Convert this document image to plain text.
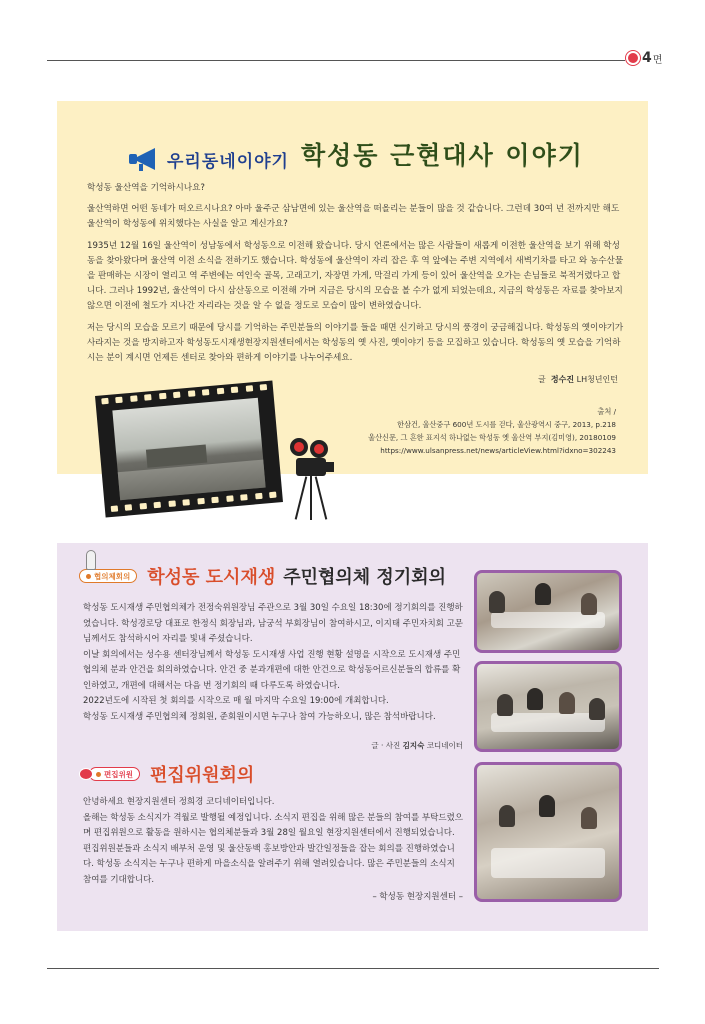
4 면
우리동네이야기 학성동 근현대사 이야기

학성동 울산역을 기억하시나요?

울산역하면 어떤 동네가 떠오르시나요? 아마 울주군 삼남면에 있는 울산역을 떠올리는 분들이 많을 것 같습니다. 그런데 30여 년 전까지만 해도 울산역이 학성동에 위치했다는 사실을 알고 계신가요?

1935년 12월 16일 울산역이 성남동에서 학성동으로 이전해 왔습니다. 당시 언론에서는 많은 사람들이 새롭게 이전한 울산역을 보기 위해 학성동을 찾아왔다며 울산역 이전 소식을 전하기도 했습니다. 학성동에 울산역이 자리 잡은 후 역 앞에는 주변 지역에서 새벽기차를 타고 와 농수산물을 판매하는 시장이 열리고 역 주변에는 여인숙 골목, 고래고기, 자장면 가게, 막걸리 가게 등이 있어 울산역을 오가는 손님들로 북적거렸다고 합니다. 그러나 1992년, 울산역이 다시 삼산동으로 이전해 가며 지금은 당시의 모습을 볼 수가 없게 되었는데요, 지금의 학성동은 자료를 찾아보지 않으면 이전에 철도가 지나간 자리라는 것을 알 수 없을 정도로 모습이 많이 변하였습니다.

저는 당시의 모습을 모르기 때문에 당시를 기억하는 주민분들의 이야기를 들을 때면 신기하고 당시의 풍경이 궁금해집니다. 학성동의 옛이야기가 사라지는 것을 방지하고자 학성동도시재생현장지원센터에서는 학성동의 옛 사진, 옛이야기 등을 모집하고 있습니다. 학성동의 옛 모습을 기억하시는 분이 계시면 언제든 센터로 찾아와 편하게 이야기를 나누어주세요.

글 정수진 LH청년인턴
출처 /
한삼건, 울산중구 600년 도시를 걷다, 울산광역시 중구, 2013, p.218
울산신문, 그 흔한 표지석 하나없는 학성동 옛 울산역 부지(김미영), 20180109
https://www.ulsanpress.net/news/articleView.html?idxno=302243
협의체회의 학성동 도시재생 주민협의체 정기회의
학성동 도시재생 주민협의체가 전정숙위원장님 주관으로 3월 30일 수요일 18:30에 정기회의를 진행하였습니다. 학성경로당 대표로 한정식 회장님과, 남궁석 부회장님이 참여하시고, 이지태 주민자치회 고문님께서도 참석하시어 자리를 빛내 주셨습니다.
이날 회의에서는 성수용 센터장님께서 학성동 도시재생 사업 진행 현황 설명을 시작으로 도시재생 주민협의체 분과 안건을 회의하였습니다. 안건 중 분과개편에 대한 안건으로 학성동어르신분들의 합류를 확인하였고, 개편에 대해서는 다음 번 정기회의 때 다루도록 하였습니다.
2022년도에 시작된 첫 회의를 시작으로 매 월 마지막 수요일 19:00에 개최합니다.
학성동 도시재생 주민협의체 정회원, 준회원이시면 누구나 참여 가능하오니, 많은 참석바랍니다.
글 · 사진 김지숙 코디네이터
편집위원 편집위원회의
안녕하세요 현장지원센터 정희경 코디네이터입니다.
올해는 학성동 소식지가 격월로 발행될 예정입니다. 소식지 편집을 위해 많은 분들의 참여를 부탁드렸으며 편집위원으로 활동을 원하시는 협의체분들과 3월 28일 월요일 현장지원센터에서 진행되었습니다. 편집위원분들과 소식지 배부처 운영 및 울산동백 홍보방안과 발간일정들을 잡는 회의를 진행하였습니다. 학성동 소식지는 누구나 편하게 마을소식을 알려주기 위해 열려있습니다. 많은 주민분들의 소식지 참여를 기대합니다.
– 학성동 현장지원센터 –
